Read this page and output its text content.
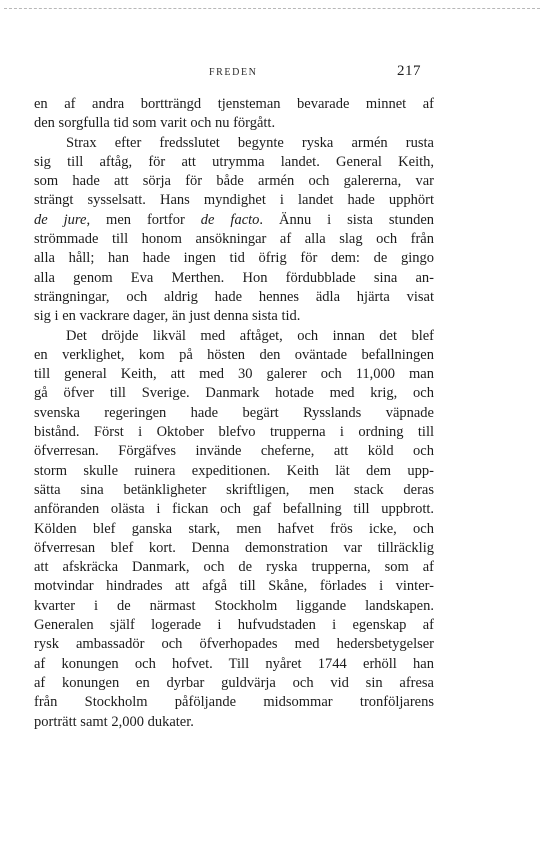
FREDEN	217
en af andra bortträngd tjensteman bevarade minnet af
den sorgfulla tid som varit och nu förgått.
Strax efter fredsslutet begynte ryska armén rusta
sig till aftåg, för att utrymma landet. General Keith,
som hade att sörja för både armén och galererna, var
strängt sysselsatt. Hans myndighet i landet hade upphört
de jure, men fortfor de facto. Ännu i sista stunden
strömmade till honom ansökningar af alla slag och från
alla håll; han hade ingen tid öfrig för dem: de gingo
alla genom Eva Merthen. Hon fördubblade sina an-
strängningar, och aldrig hade hennes ädla hjärta visat
sig i en vackrare dager, än just denna sista tid.
Det dröjde likväl med aftåget, och innan det blef
en verklighet, kom på hösten den oväntade befallningen
till general Keith, att med 30 galerer och 11,000 man
gå öfver till Sverige. Danmark hotade med krig, och
svenska regeringen hade begärt Rysslands väpnade
bistånd. Först i Oktober blefvo trupperna i ordning till
öfverresan. Förgäfves invände cheferne, att köld och
storm skulle ruinera expeditionen. Keith lät dem upp-
sätta sina betänkligheter skriftligen, men stack deras
anföranden olästa i fickan och gaf befallning till uppbrott.
Kölden blef ganska stark, men hafvet frös icke, och
öfverresan blef kort. Denna demonstration var tillräcklig
att afskräcka Danmark, och de ryska trupperna, som af
motvindar hindrades att afgå till Skåne, förlades i vinter-
kvarter i de närmast Stockholm liggande landskapen.
Generalen själf logerade i hufvudstaden i egenskap af
rysk ambassadör och öfverhopades med hedersbetygelser
af konungen och hofvet. Till nyåret 1744 erhöll han
af konungen en dyrbar guldvärja och vid sin afresa
från Stockholm påföljande midsommar tronföljarens
porträtt samt 2,000 dukater.
